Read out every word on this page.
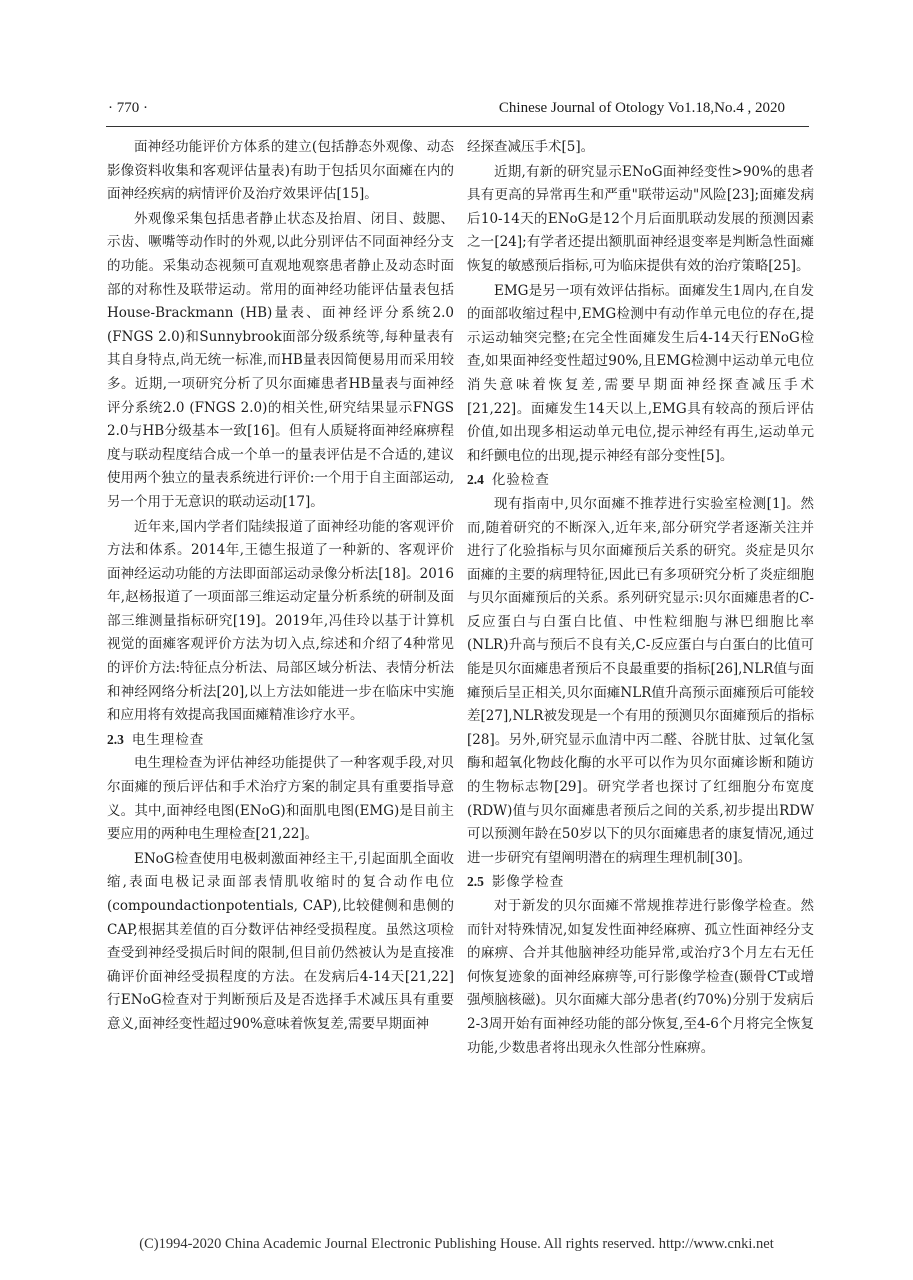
· 770 ·	Chinese Journal of Otology Vo1.18,No.4 , 2020

面神经功能评价方体系的建立(包括静态外观像、动态影像资料收集和客观评估量表)有助于包括贝尔面瘫在内的面神经疾病的病情评价及治疗效果评估[15]。

外观像采集包括患者静止状态及抬眉、闭目、鼓腮、示齿、噘嘴等动作时的外观,以此分别评估不同面神经分支的功能。采集动态视频可直观地观察患者静止及动态时面部的对称性及联带运动。常用的面神经功能评估量表包括House-Brackmann (HB)量表、面神经评分系统2.0 (FNGS 2.0)和Sunnybrook面部分级系统等,每种量表有其自身特点,尚无统一标准,而HB量表因简便易用而采用较多。近期,一项研究分析了贝尔面瘫患者HB量表与面神经评分系统2.0 (FNGS 2.0)的相关性,研究结果显示FNGS 2.0与HB分级基本一致[16]。但有人质疑将面神经麻痹程度与联动程度结合成一个单一的量表评估是不合适的,建议使用两个独立的量表系统进行评价:一个用于自主面部运动,另一个用于无意识的联动运动[17]。

近年来,国内学者们陆续报道了面神经功能的客观评价方法和体系。2014年,王德生报道了一种新的、客观评价面神经运动功能的方法即面部运动录像分析法[18]。2016年,赵杨报道了一项面部三维运动定量分析系统的研制及面部三维测量指标研究[19]。2019年,冯佳玲以基于计算机视觉的面瘫客观评价方法为切入点,综述和介绍了4种常见的评价方法:特征点分析法、局部区域分析法、表情分析法和神经网络分析法[20],以上方法如能进一步在临床中实施和应用将有效提高我国面瘫精准诊疗水平。

2.3 电生理检查

电生理检查为评估神经功能提供了一种客观手段,对贝尔面瘫的预后评估和手术治疗方案的制定具有重要指导意义。其中,面神经电图(ENoG)和面肌电图(EMG)是目前主要应用的两种电生理检查[21,22]。

ENoG检查使用电极刺激面神经主干,引起面肌全面收缩,表面电极记录面部表情肌收缩时的复合动作电位(compoundactionpotentials, CAP),比较健侧和患侧的CAP,根据其差值的百分数评估神经受损程度。虽然这项检查受到神经受损后时间的限制,但目前仍然被认为是直接准确评价面神经受损程度的方法。在发病后4-14天[21,22]行ENoG检查对于判断预后及是否选择手术减压具有重要意义,面神经变性超过90%意味着恢复差,需要早期面神

经探查减压手术[5]。

近期,有新的研究显示ENoG面神经变性>90%的患者具有更高的异常再生和严重"联带运动"风险[23];面瘫发病后10-14天的ENoG是12个月后面肌联动发展的预测因素之一[24];有学者还提出额肌面神经退变率是判断急性面瘫恢复的敏感预后指标,可为临床提供有效的治疗策略[25]。

EMG是另一项有效评估指标。面瘫发生1周内,在自发的面部收缩过程中,EMG检测中有动作单元电位的存在,提示运动轴突完整;在完全性面瘫发生后4-14天行ENoG检查,如果面神经变性超过90%,且EMG检测中运动单元电位消失意味着恢复差,需要早期面神经探查减压手术[21,22]。面瘫发生14天以上,EMG具有较高的预后评估价值,如出现多相运动单元电位,提示神经有再生,运动单元和纤颤电位的出现,提示神经有部分变性[5]。

2.4 化验检查

现有指南中,贝尔面瘫不推荐进行实验室检测[1]。然而,随着研究的不断深入,近年来,部分研究学者逐渐关注并进行了化验指标与贝尔面瘫预后关系的研究。炎症是贝尔面瘫的主要的病理特征,因此已有多项研究分析了炎症细胞与贝尔面瘫预后的关系。系列研究显示:贝尔面瘫患者的C-反应蛋白与白蛋白比值、中性粒细胞与淋巴细胞比率(NLR)升高与预后不良有关,C-反应蛋白与白蛋白的比值可能是贝尔面瘫患者预后不良最重要的指标[26],NLR值与面瘫预后呈正相关,贝尔面瘫NLR值升高预示面瘫预后可能较差[27],NLR被发现是一个有用的预测贝尔面瘫预后的指标[28]。另外,研究显示血清中丙二醛、谷胱甘肽、过氧化氢酶和超氧化物歧化酶的水平可以作为贝尔面瘫诊断和随访的生物标志物[29]。研究学者也探讨了红细胞分布宽度(RDW)值与贝尔面瘫患者预后之间的关系,初步提出RDW可以预测年龄在50岁以下的贝尔面瘫患者的康复情况,通过进一步研究有望阐明潜在的病理生理机制[30]。

2.5 影像学检查

对于新发的贝尔面瘫不常规推荐进行影像学检查。然而针对特殊情况,如复发性面神经麻痹、孤立性面神经分支的麻痹、合并其他脑神经功能异常,或治疗3个月左右无任何恢复迹象的面神经麻痹等,可行影像学检查(颞骨CT或增强颅脑核磁)。贝尔面瘫大部分患者(约70%)分别于发病后2-3周开始有面神经功能的部分恢复,至4-6个月将完全恢复功能,少数患者将出现永久性部分性麻痹。

(C)1994-2020 China Academic Journal Electronic Publishing House. All rights reserved. http://www.cnki.net
